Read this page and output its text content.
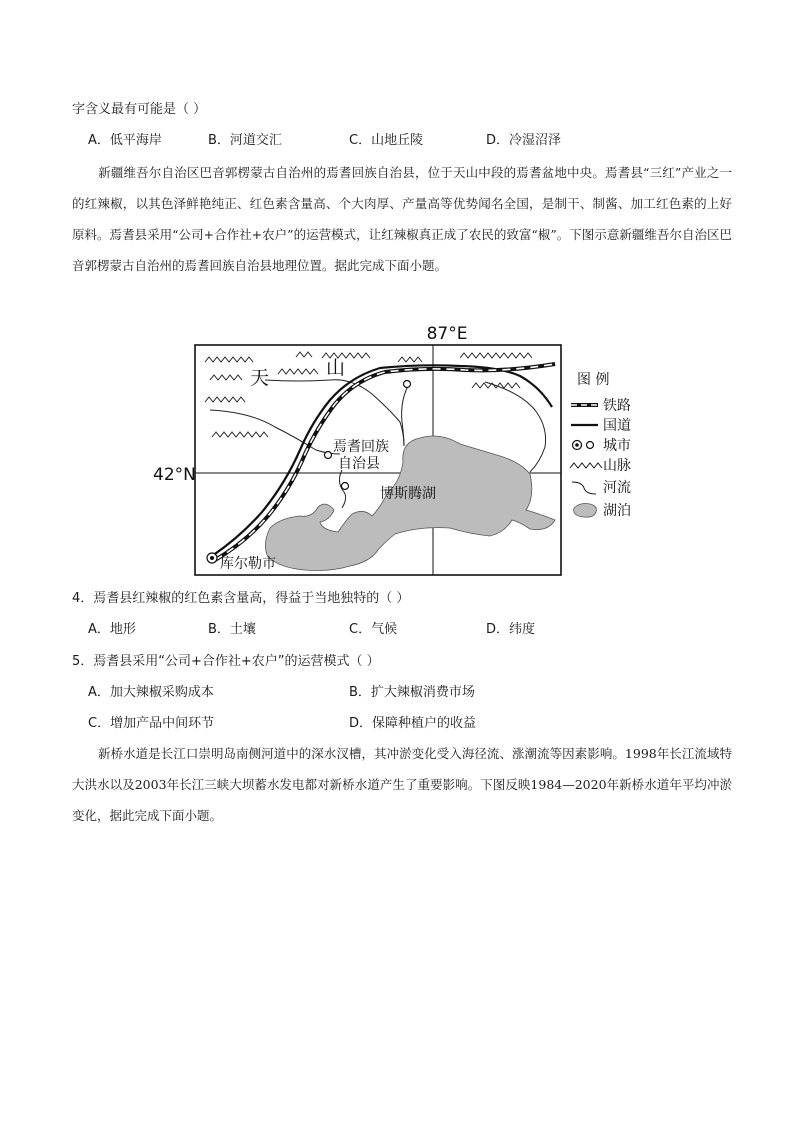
字含义最有可能是（ ）
A．低平海岸	B．河道交汇	C．山地丘陵	D．冷湿沼泽
新疆维吾尔自治区巴音郭楞蒙古自治州的焉耆回族自治县，位于天山中段的焉耆盆地中央。焉耆县“三红”产业之一的红辣椒，以其色泽鲜艳纯正、红色素含量高、个大肉厚、产量高等优势闻名全国，是制干、制酱、加工红色素的上好原料。焉耆县采用“公司+合作社+农户”的运营模式，让红辣椒真正成了农民的致富“椒”。下图示意新疆维吾尔自治区巴音郭楞蒙古自治州的焉耆回族自治县地理位置。据此完成下面小题。
87°E
42°N
天	山
焉耆回族
自治县
博斯腾湖
库尔勒市
图 例
铁路
国道
城市
山脉
河流
湖泊
4．焉耆县红辣椒的红色素含量高，得益于当地独特的（ ）
A．地形	B．土壤	C．气候	D．纬度
5．焉耆县采用“公司+合作社+农户”的运营模式（ ）
A．加大辣椒采购成本	B．扩大辣椒消费市场
C．增加产品中间环节	D．保障种植户的收益
新桥水道是长江口崇明岛南侧河道中的深水汊槽，其冲淤变化受入海径流、涨潮流等因素影响。1998年长江流域特大洪水以及2003年长江三峡大坝蓄水发电都对新桥水道产生了重要影响。下图反映1984—2020年新桥水道年平均冲淤变化，据此完成下面小题。
